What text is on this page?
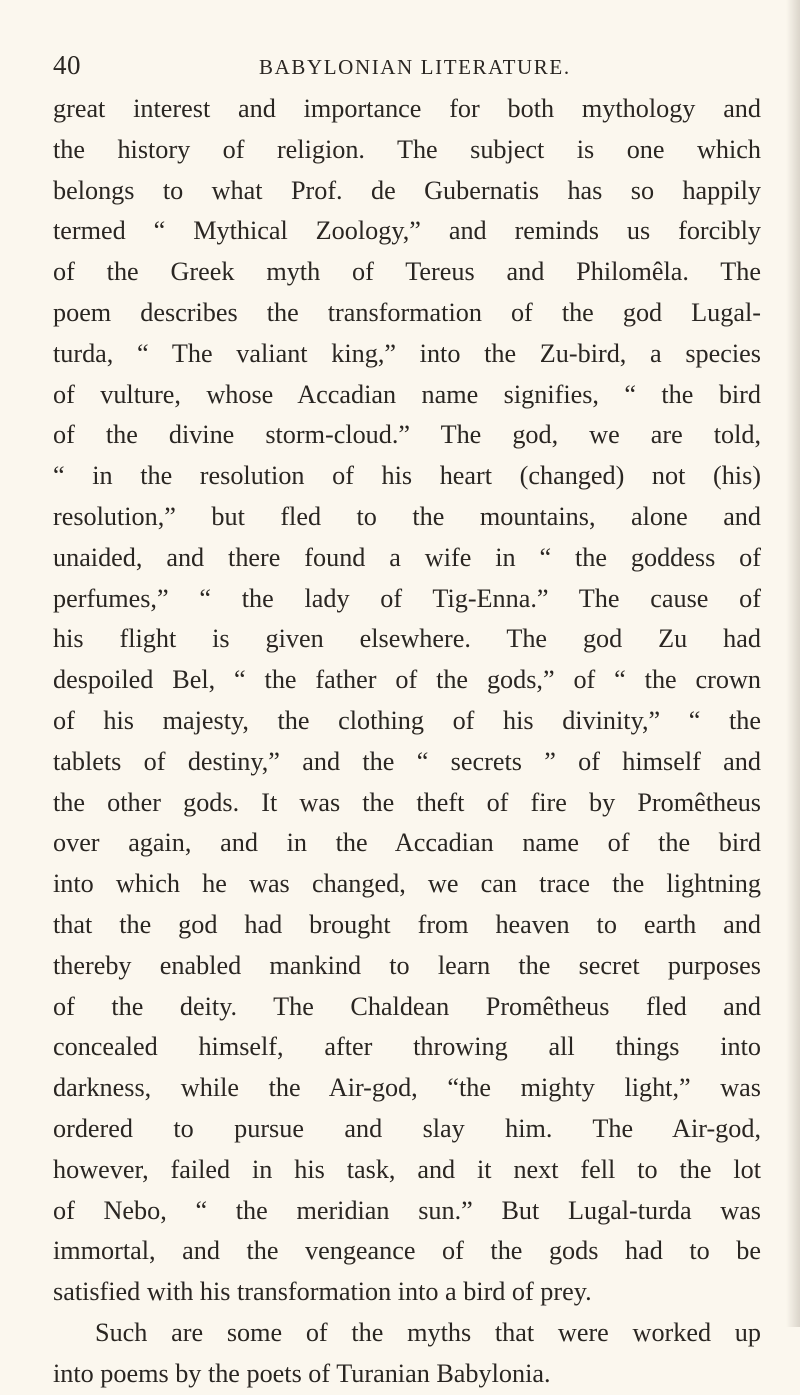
40	BABYLONIAN LITERATURE.
great interest and importance for both mythology and
the history of religion. The subject is one which
belongs to what Prof. de Gubernatis has so happily
termed “ Mythical Zoology,” and reminds us forcibly
of the Greek myth of Tereus and Philomêla. The
poem describes the transformation of the god Lugal-
turda, “ The valiant king,” into the Zu-bird, a species
of vulture, whose Accadian name signifies, “ the bird
of the divine storm-cloud.” The god, we are told,
“ in the resolution of his heart (changed) not (his)
resolution,” but fled to the mountains, alone and
unaided, and there found a wife in “ the goddess of
perfumes,” “ the lady of Tig-Enna.” The cause of
his flight is given elsewhere. The god Zu had
despoiled Bel, “ the father of the gods,” of “ the crown
of his majesty, the clothing of his divinity,” “ the
tablets of destiny,” and the “ secrets ” of himself and
the other gods. It was the theft of fire by Promêtheus
over again, and in the Accadian name of the bird
into which he was changed, we can trace the lightning
that the god had brought from heaven to earth and
thereby enabled mankind to learn the secret purposes
of the deity. The Chaldean Promêtheus fled and
concealed himself, after throwing all things into
darkness, while the Air-god, “the mighty light,” was
ordered to pursue and slay him. The Air-god,
however, failed in his task, and it next fell to the lot
of Nebo, “ the meridian sun.” But Lugal-turda was
immortal, and the vengeance of the gods had to be
satisfied with his transformation into a bird of prey.
Such are some of the myths that were worked up
into poems by the poets of Turanian Babylonia.
